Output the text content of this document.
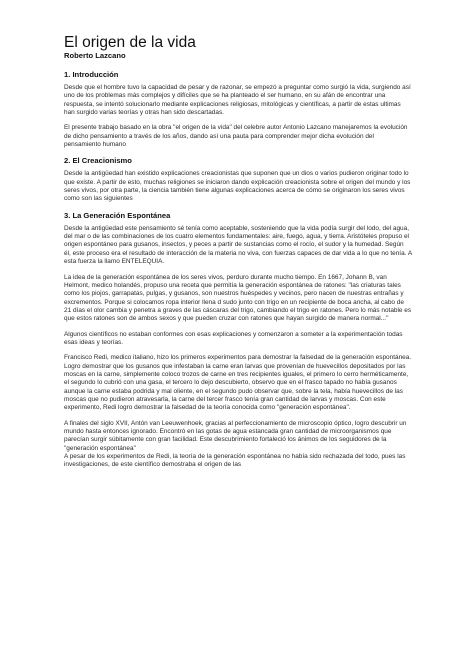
El origen de la vida

Roberto Lazcano

1. Introducción

Desde que el hombre tuvo la capacidad de pesar y de razonar, se empezó a preguntar como surgió la vida, surgiendo así uno de los problemas más complejos y difíciles que se ha planteado el ser humano, en su afán de encontrar una respuesta, se intentó solucionarlo mediante explicaciones religiosas, mitológicas y científicas, a partir de estas ultimas han surgido varias teorías y otras han sido descartadas.

El presente trabajo basado en la obra "el origen de la vida" del celebre autor Antonio Lazcano manejaremos la evolución de dicho pensamiento a través de los años, dando así una pauta para comprender mejor dicha evolución del pensamiento humano

2. El Creacionismo

Desde la antigüedad han existido explicaciones creacionistas que suponen que un dios o varios pudieron originar todo lo que existe. A partir de esto, muchas religiones se iniciaron dando explicación creacionista sobre el origen del mundo y los seres vivos, por otra parte, la ciencia también tiene algunas explicaciones acerca de cómo se originaron los seres vivos como son las siguientes

3. La Generación Espontánea

Desde la antigüedad este pensamiento sé tenía como aceptable, sosteniendo que la vida podía surgir del lodo, del agua, del mar o de las combinaciones de los cuatro elementos fundamentales: aire, fuego, agua, y tierra. Aristóteles propuso el origen espontáneo para gusanos, insectos, y peces a partir de sustancias como el rocío, el sudor y la humedad. Según él, este proceso era el resultado de interacción de la materia no viva, con fuerzas capaces de dar vida a lo que no tenía. A esta fuerza la llamo ENTELEQUIA.

La idea de la generación espontánea de los seres vivos, perduro durante mucho tiempo. En 1667, Johann B, van Helmont, medico holandés, propuso una receta que permitía la generación espontánea de ratones: "las criaturas tales como los piojos, garrapatas, pulgas, y gusanos, son nuestros huéspedes y vecinos, pero nacen de nuestras entrañas y excrementos. Porque si colocamos ropa interior llena d sudo junto con trigo en un recipiente de boca ancha, al cabo de 21 días el olor cambia y penetra a graves de las cáscaras del trigo, cambiando el trigo en ratones. Pero lo más notable es que estos ratones son de ambos sexos y que pueden cruzar con ratones que hayan surgido de manera normal..."

Algunos científicos no estaban conformes con esas explicaciones y comenzaron a someter a la experimentación todas esas ideas y teorías.

Francisco Redi, medico italiano, hizo los primeros experimentos para demostrar la falsedad de la generación espontánea. Logro demostrar que los gusanos que infestaban la carne eran larvas que provenían de huevecillos depositados por las moscas en la carne, simplemente coloco trozos de carne en tres recipientes iguales, el primero lo cerro herméticamente, el segundo lo cubrió con una gasa, el tercero lo dejo descubierto, observo que en el frasco tapado no había gusanos aunque la carne estaba podrida y mal oliente, en el segundo pudo observar que, sobre la tela, había huevecillos de las moscas que no pudieron atravesarla, la carne del tercer frasco tenía gran cantidad de larvas y moscas. Con este experimento, Redi logro demostrar la falsedad de la teoría conocida como "generación espontánea".

A finales del siglo XVII, Antón van Leeuwenhoek, gracias al perfeccionamiento de microscopio óptico, logro descubrir un mundo hasta entonces ignorado. Encontró en las gotas de agua estancada gran cantidad de microorganismos que parecían surgir súbitamente con gran facilidad. Este descubrimiento fortaleció los ánimos de los seguidores de la "generación espontánea"

A pesar de los experimentos de Redi, la teoría de la generación espontánea no había sido rechazada del todo, pues las investigaciones, de este científico demostraba el origen de las
